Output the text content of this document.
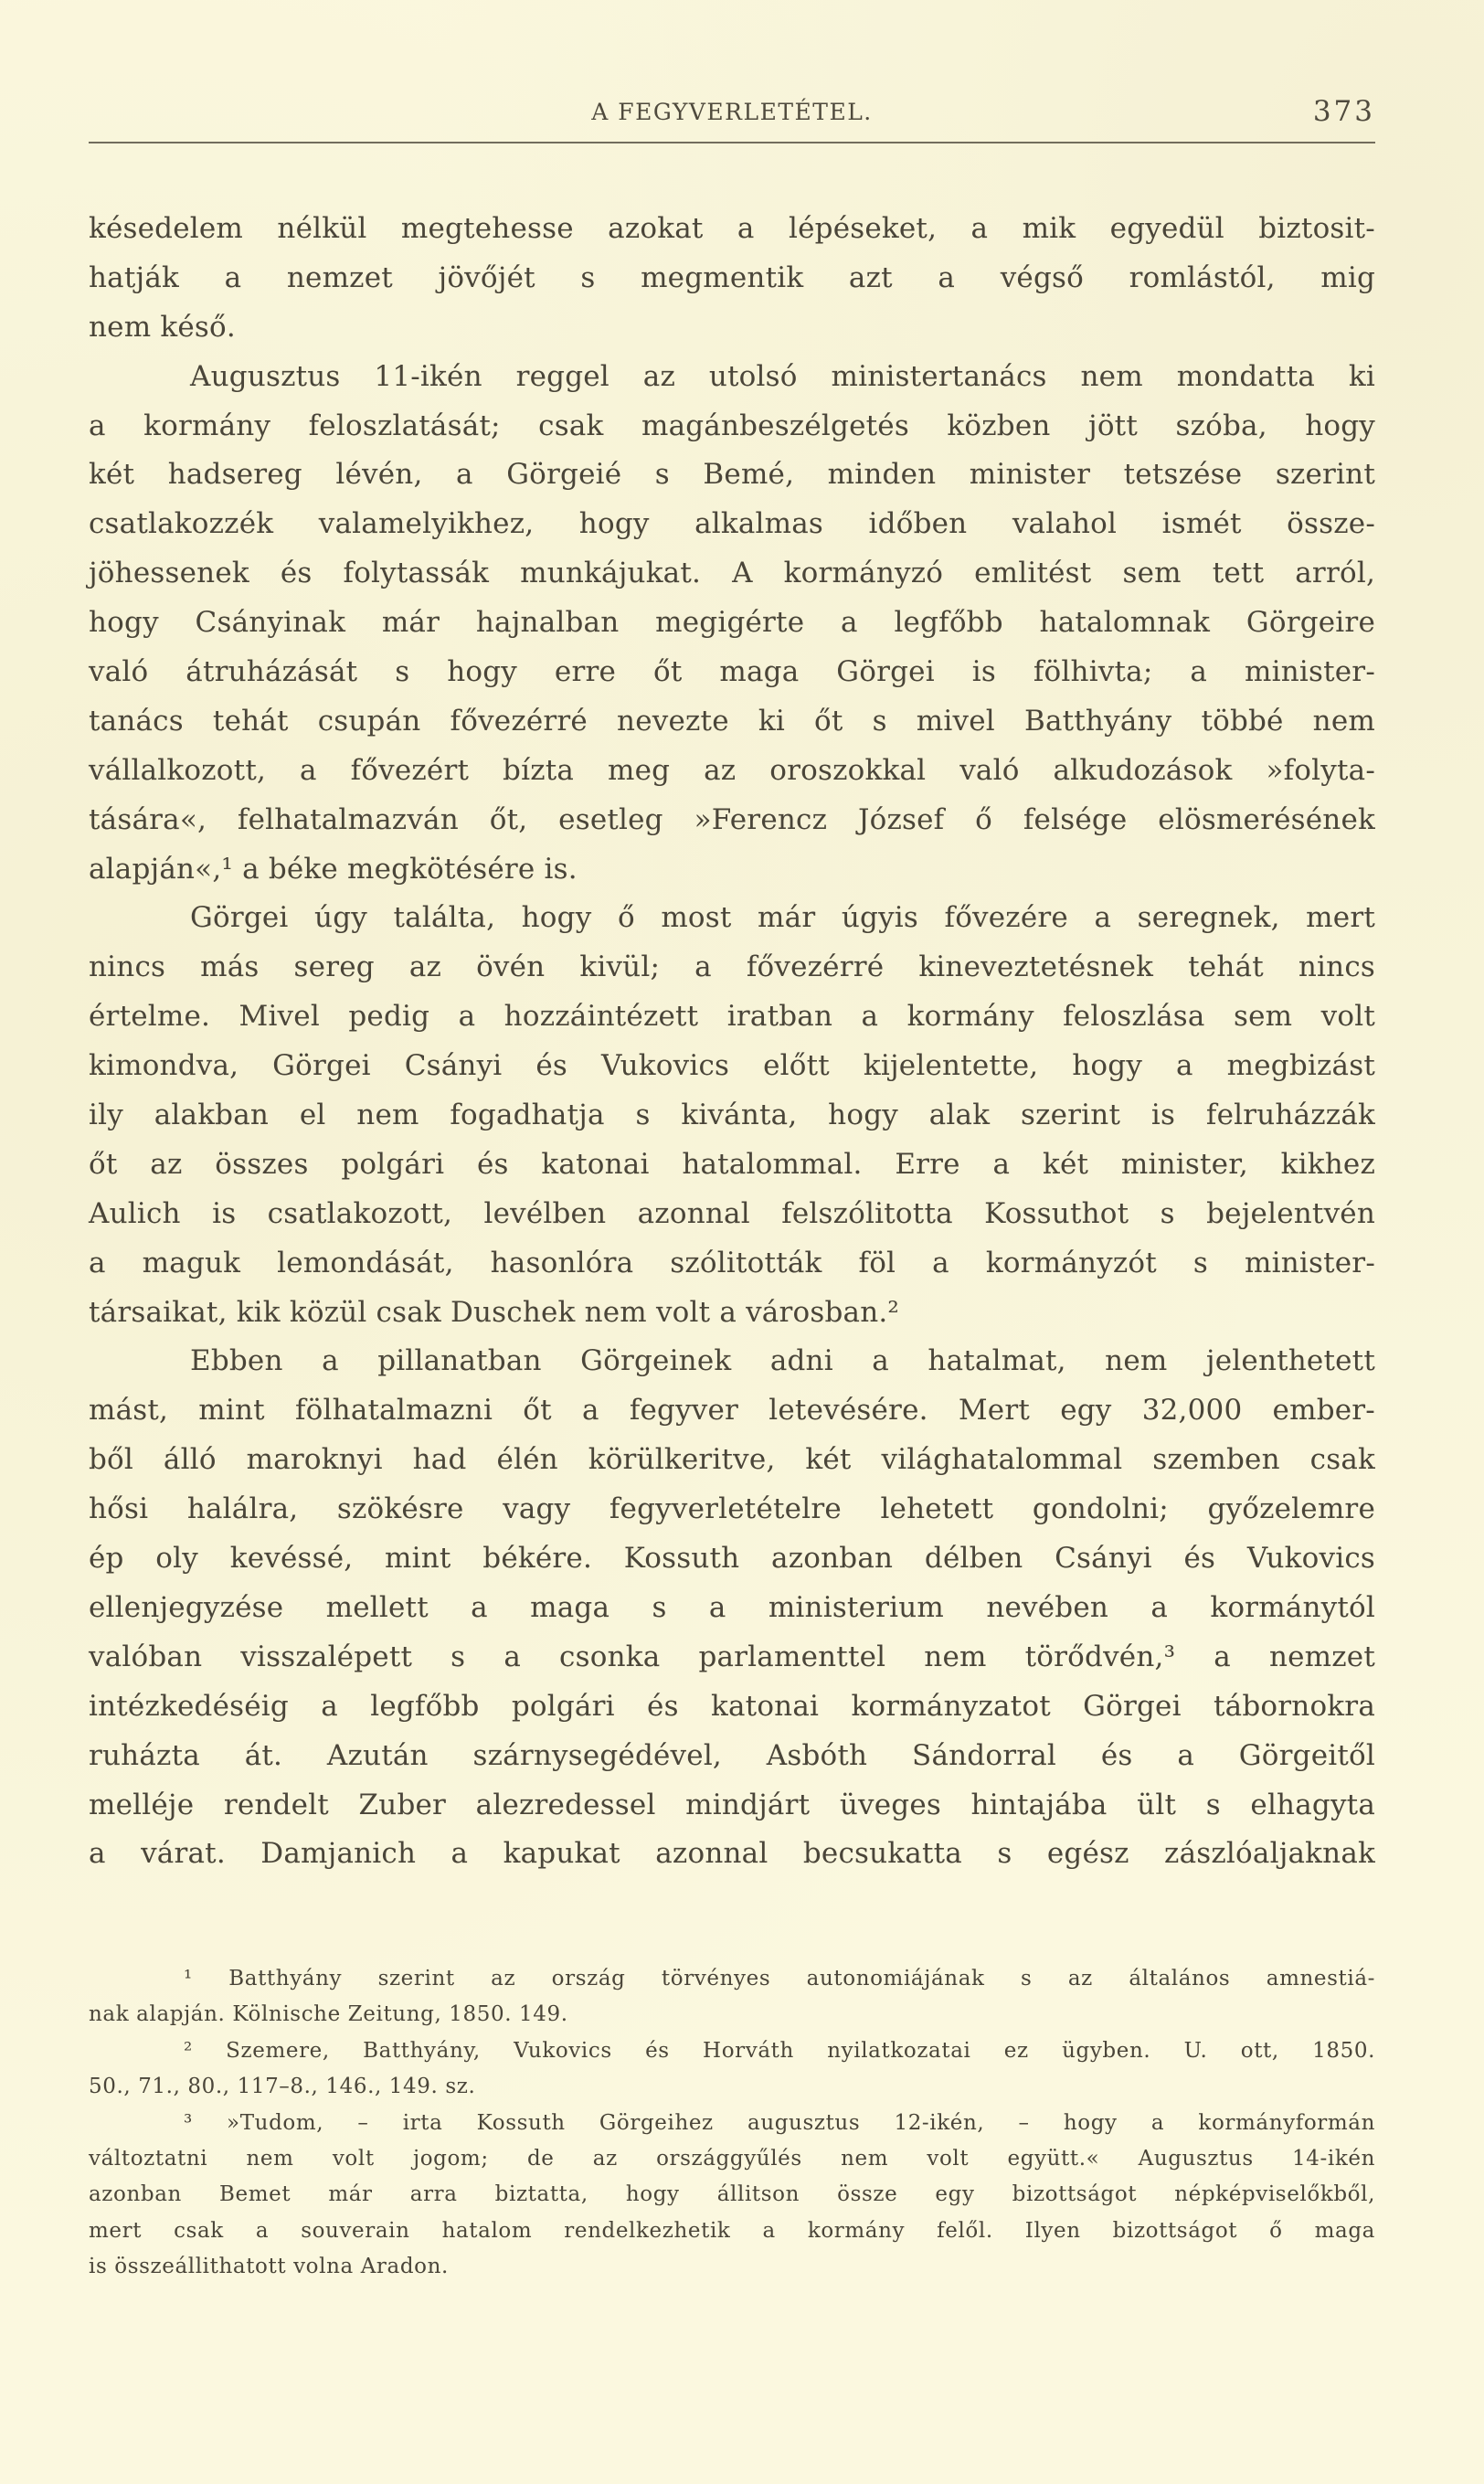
A FEGYVERLETÉTEL.	373
késedelem nélkül megtehesse azokat a lépéseket, a mik egyedül biztosit-
hatják a nemzet jövőjét s megmentik azt a végső romlástól, mig
nem késő.
Augusztus 11-ikén reggel az utolsó ministertanács nem mondatta ki
a kormány feloszlatását; csak magánbeszélgetés közben jött szóba, hogy
két hadsereg lévén, a Görgeié s Bemé, minden minister tetszése szerint
csatlakozzék valamelyikhez, hogy alkalmas időben valahol ismét össze-
jöhessenek és folytassák munkájukat. A kormányzó emlitést sem tett arról,
hogy Csányinak már hajnalban megigérte a legfőbb hatalomnak Görgeire
való átruházását s hogy erre őt maga Görgei is fölhivta; a minister-
tanács tehát csupán fővezérré nevezte ki őt s mivel Batthyány többé nem
vállalkozott, a fővezért bízta meg az oroszokkal való alkudozások »folyta-
tására«, felhatalmazván őt, esetleg »Ferencz József ő felsége elösmerésének
alapján«,¹ a béke megkötésére is.
Görgei úgy találta, hogy ő most már úgyis fővezére a seregnek, mert
nincs más sereg az övén kivül; a fővezérré kineveztetésnek tehát nincs
értelme. Mivel pedig a hozzáintézett iratban a kormány feloszlása sem volt
kimondva, Görgei Csányi és Vukovics előtt kijelentette, hogy a megbizást
ily alakban el nem fogadhatja s kivánta, hogy alak szerint is felruházzák
őt az összes polgári és katonai hatalommal. Erre a két minister, kikhez
Aulich is csatlakozott, levélben azonnal felszólitotta Kossuthot s bejelentvén
a maguk lemondását, hasonlóra szólitották föl a kormányzót s minister-
társaikat, kik közül csak Duschek nem volt a városban.²
Ebben a pillanatban Görgeinek adni a hatalmat, nem jelenthetett
mást, mint fölhatalmazni őt a fegyver letevésére. Mert egy 32,000 ember-
ből álló maroknyi had élén körülkeritve, két világhatalommal szemben csak
hősi halálra, szökésre vagy fegyverletételre lehetett gondolni; győzelemre
ép oly kevéssé, mint békére. Kossuth azonban délben Csányi és Vukovics
ellenjegyzése mellett a maga s a ministerium nevében a kormánytól
valóban visszalépett s a csonka parlamenttel nem törődvén,³ a nemzet
intézkedéséig a legfőbb polgári és katonai kormányzatot Görgei tábornokra
ruházta át. Azután szárnysegédével, Asbóth Sándorral és a Görgeitől
melléje rendelt Zuber alezredessel mindjárt üveges hintajába ült s elhagyta
a várat. Damjanich a kapukat azonnal becsukatta s egész zászlóaljaknak
¹ Batthyány szerint az ország törvényes autonomiájának s az általános amnestiá-
nak alapján. Kölnische Zeitung, 1850. 149.
² Szemere, Batthyány, Vukovics és Horváth nyilatkozatai ez ügyben. U. ott, 1850.
50., 71., 80., 117–8., 146., 149. sz.
³ »Tudom, – irta Kossuth Görgeihez augusztus 12-ikén, – hogy a kormányformán
változtatni nem volt jogom; de az országgyűlés nem volt együtt.« Augusztus 14-ikén
azonban Bemet már arra biztatta, hogy állitson össze egy bizottságot népképviselőkből,
mert csak a souverain hatalom rendelkezhetik a kormány felől. Ilyen bizottságot ő maga
is összeállithatott volna Aradon.
